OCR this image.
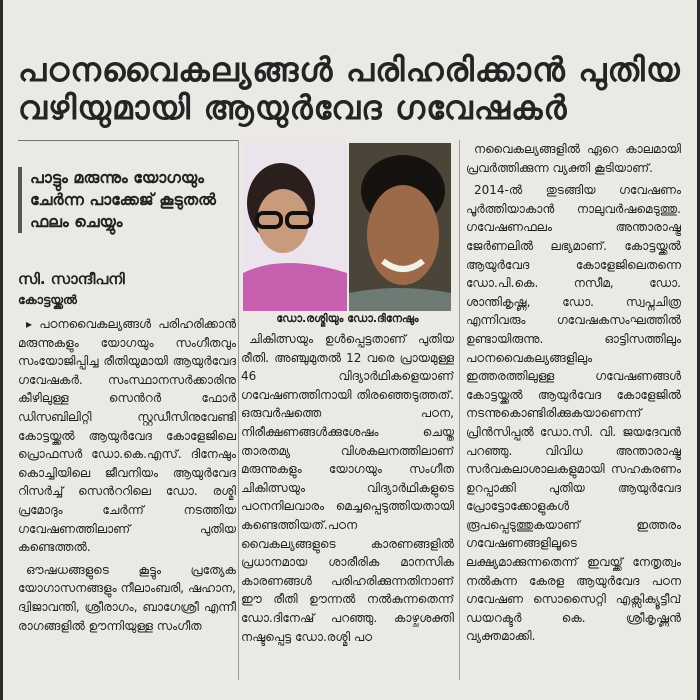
പഠനവൈകല്യങ്ങൾ പരിഹരിക്കാൻ പുതിയ
വഴിയുമായി ആയുർവേദ ഗവേഷകർ
പാട്ടും മരുന്നും യോഗയും ചേർന്ന പാക്കേജ് കൂടുതൽ ഫലം ചെയ്യും
സി. സാന്ദീപനി
കോട്ടയ്ക്കൽ

▸ പഠനവൈകല്യങ്ങൾ പരിഹരിക്കാൻ മരുന്നുകളും യോഗയും സംഗീതവും സംയോജിപ്പിച്ച രീതിയുമായി ആയുർവേദ ഗവേഷകർ. സംസ്ഥാനസർക്കാരിനു കീഴിലുള്ള സെൻറർ ഫോർ ഡിസബിലിറ്റി സ്റ്റഡീസിനുവേണ്ടി കോട്ടയ്ക്കൽ ആയുർവേദ കോളേജിലെ പ്രൊഫസർ ഡോ.കെ.എസ്. ദിനേഷും കൊച്ചിയിലെ ജീവനിയം ആയുർവേദ റിസർച്ച് സെൻററിലെ ഡോ. രശ്മി പ്രമോദും ചേർന്ന് നടത്തിയ ഗവേഷണത്തിലാണ് പുതിയ കണ്ടെത്തൽ.

ഔഷധങ്ങളുടെ കൂട്ടും പ്രത്യേക യോഗാസനങ്ങളും നീലാംബരി, ഷഹാന, ദ്വിജാവന്തി, ശ്രീരാഗം, ബാഗേശ്രീ എന്നീ രാഗങ്ങളിൽ ഊന്നിയുള്ള സംഗീത

ഡോ.രശ്മിയും ഡോ.ദിനേഷും

ചികിത്സയും ഉൾപ്പെട്ടതാണ് പുതിയ രീതി. അഞ്ചുമുതൽ 12 വരെ പ്രായമുള്ള 46 വിദ്യാർഥികളെയാണ് ഗവേഷണത്തിനായി തിരഞ്ഞെടുത്തത്. ഒരുവർഷത്തെ പഠന, നിരീക്ഷണങ്ങൾക്കുശേഷം ചെയ്ത താരതമ്യ വിശകലനത്തിലാണ് മരുന്നുകളും യോഗയും സംഗീത ചികിത്സയും വിദ്യാർഥികളുടെ പഠനനിലവാരം മെച്ചപ്പെടുത്തിയതായി കണ്ടെത്തിയത്.പഠന വൈകല്യങ്ങളുടെ കാരണങ്ങളിൽ പ്രധാനമായ ശാരീരിക മാനസിക കാരണങ്ങൾ പരിഹരിക്കുന്നതിനാണ് ഈ രീതി ഊന്നൽ നൽകുന്നതെന്ന് ഡോ.ദിനേഷ് പറഞ്ഞു. കാഴ്ചശക്തി നഷ്ടപ്പെട്ട ഡോ.രശ്മി പഠ

നവൈകല്യങ്ങളിൽ ഏറെ കാലമായി പ്രവർത്തിക്കുന്ന വ്യക്തി കൂടിയാണ്.

2014-ൽ തുടങ്ങിയ ഗവേഷണം പൂർത്തിയാകാൻ നാലുവർഷമെടുത്തു. ഗവേഷണഫലം അന്താരാഷ്ട്ര ജേർണലിൽ ലഭ്യമാണ്. കോട്ടയ്ക്കൽ ആയുർവേദ കോളേജിലെതന്നെ ഡോ.പി.കെ. നസീമ, ഡോ. ശാന്തികൃഷ്ണ, ഡോ. സ്വപ്നചിത്ര എന്നിവരും ഗവേഷകസംഘത്തിൽ ഉണ്ടായിരുന്നു. ഓട്ടിസത്തിലും പഠനവൈകല്യങ്ങളിലും ഇത്തരത്തിലുള്ള ഗവേഷണങ്ങൾ കോട്ടയ്ക്കൽ ആയുർവേദ കോളേജിൽ നടന്നുകൊണ്ടിരിക്കുകയാണെന്ന് പ്രിൻസിപ്പൽ ഡോ.സി. വി. ജയദേവൻ പറഞ്ഞു. വിവിധ അന്താരാഷ്ട്ര സർവകലാശാലകളുമായി സഹകരണം ഉറപ്പാക്കി പുതിയ ആയുർവേദ പ്രോട്ടോക്കോളുകൾ രൂപപ്പെടുത്തുകയാണ് ഇത്തരം ഗവേഷണങ്ങളിലൂടെ ലക്ഷ്യമാക്കുന്നതെന്ന് ഇവയ്ക്ക് നേതൃത്വം നൽകുന്ന കേരള ആയുർവേദ പഠന ഗവേഷണ സൊസൈറ്റി എക്സിക്യൂട്ടീവ് ഡയറക്ടർ കെ. ശ്രീകൃഷ്ണൻ വ്യക്തമാക്കി.
